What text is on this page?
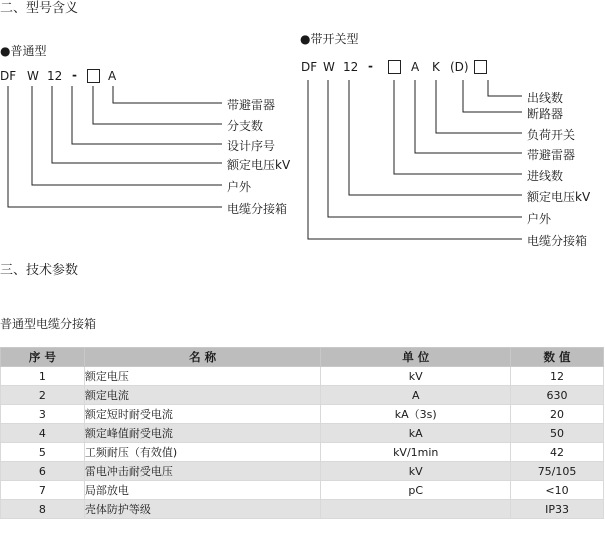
二、型号含义
●普通型
DF W 12 -	A
带避雷器
分支数
设计序号
额定电压kV
户外
电缆分接箱
●带开关型
DF W 12 -	A K (D)
出线数
断路器
负荷开关
带避雷器
进线数
额定电压kV
户外
电缆分接箱
三、技术参数
普通型电缆分接箱
序 号	名 称	单 位	数 值
1	额定电压	kV	12
2	额定电流	A	630
3	额定短时耐受电流	kA（3s)	20
4	额定峰值耐受电流	kA	50
5	工频耐压（有效值)	kV/1min	42
6	雷电冲击耐受电压	kV	75/105
7	局部放电	pC	<10
8	壳体防护等级		IP33
